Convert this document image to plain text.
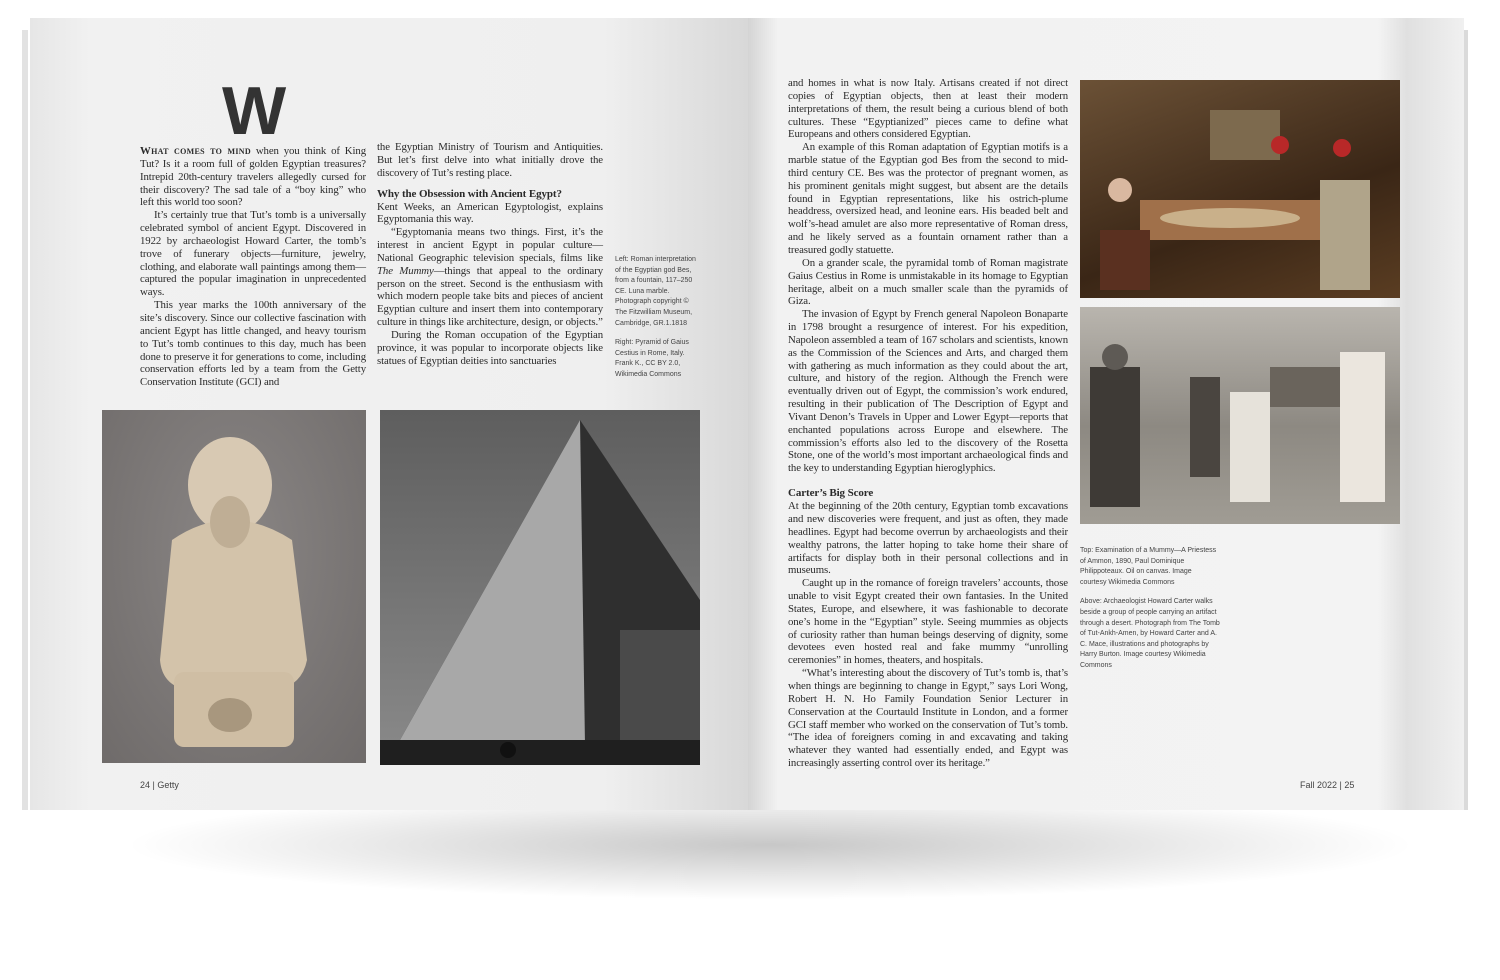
W

What comes to mind when you think of King Tut? Is it a room full of golden Egyptian treasures? Intrepid 20th-century travelers allegedly cursed for their discovery? The sad tale of a “boy king” who left this world too soon?

It’s certainly true that Tut’s tomb is a universally celebrated symbol of ancient Egypt. Discovered in 1922 by archaeologist Howard Carter, the tomb’s trove of funerary objects—furniture, jewelry, clothing, and elaborate wall paintings among them—captured the popular imagination in unprecedented ways.

This year marks the 100th anniversary of the site’s discovery. Since our collective fascination with ancient Egypt has little changed, and heavy tourism to Tut’s tomb continues to this day, much has been done to preserve it for generations to come, including conservation efforts led by a team from the Getty Conservation Institute (GCI) and

the Egyptian Ministry of Tourism and Antiquities. But let’s first delve into what initially drove the discovery of Tut’s resting place.

Why the Obsession with Ancient Egypt?

Kent Weeks, an American Egyptologist, explains Egyptomania this way.

“Egyptomania means two things. First, it’s the interest in ancient Egypt in popular culture—National Geographic television specials, films like The Mummy—things that appeal to the ordinary person on the street. Second is the enthusiasm with which modern people take bits and pieces of ancient Egyptian culture and insert them into contemporary culture in things like architecture, design, or objects.”

During the Roman occupation of the Egyptian province, it was popular to incorporate objects like statues of Egyptian deities into sanctuaries

Left: Roman interpretation of the Egyptian god Bes, from a fountain, 117–250 CE. Luna marble. Photograph copyright © The Fitzwilliam Museum, Cambridge, GR.1.1818

Right: Pyramid of Gaius Cestius in Rome, Italy. Frank K., CC BY 2.0, Wikimedia Commons

24 | Getty

and homes in what is now Italy. Artisans created if not direct copies of Egyptian objects, then at least their modern interpretations of them, the result being a curious blend of both cultures. These “Egyptianized” pieces came to define what Europeans and others considered Egyptian.

An example of this Roman adaptation of Egyptian motifs is a marble statue of the Egyptian god Bes from the second to mid-third century CE. Bes was the protector of pregnant women, as his prominent genitals might suggest, but absent are the details found in Egyptian representations, like his ostrich-plume headdress, oversized head, and leonine ears. His beaded belt and wolf’s-head amulet are also more representative of Roman dress, and he likely served as a fountain ornament rather than a treasured godly statuette.

On a grander scale, the pyramidal tomb of Roman magistrate Gaius Cestius in Rome is unmistakable in its homage to Egyptian heritage, albeit on a much smaller scale than the pyramids of Giza.

The invasion of Egypt by French general Napoleon Bonaparte in 1798 brought a resurgence of interest. For his expedition, Napoleon assembled a team of 167 scholars and scientists, known as the Commission of the Sciences and Arts, and charged them with gathering as much information as they could about the art, culture, and history of the region. Although the French were eventually driven out of Egypt, the commission’s work endured, resulting in their publication of The Description of Egypt and Vivant Denon’s Travels in Upper and Lower Egypt—reports that enchanted populations across Europe and elsewhere. The commission’s efforts also led to the discovery of the Rosetta Stone, one of the world’s most important archaeological finds and the key to understanding Egyptian hieroglyphics.

Carter’s Big Score

At the beginning of the 20th century, Egyptian tomb excavations and new discoveries were frequent, and just as often, they made headlines. Egypt had become overrun by archaeologists and their wealthy patrons, the latter hoping to take home their share of artifacts for display both in their personal collections and in museums.

Caught up in the romance of foreign travelers’ accounts, those unable to visit Egypt created their own fantasies. In the United States, Europe, and elsewhere, it was fashionable to decorate one’s home in the “Egyptian” style. Seeing mummies as objects of curiosity rather than human beings deserving of dignity, some devotees even hosted real and fake mummy “unrolling ceremonies” in homes, theaters, and hospitals.

“What’s interesting about the discovery of Tut’s tomb is, that’s when things are beginning to change in Egypt,” says Lori Wong, Robert H. N. Ho Family Foundation Senior Lecturer in Conservation at the Courtauld Institute in London, and a former GCI staff member who worked on the conservation of Tut’s tomb. “The idea of foreigners coming in and excavating and taking whatever they wanted had essentially ended, and Egypt was increasingly asserting control over its heritage.”

Top: Examination of a Mummy—A Priestess of Ammon, 1890, Paul Dominique Philippoteaux. Oil on canvas. Image courtesy Wikimedia Commons

Above: Archaeologist Howard Carter walks beside a group of people carrying an artifact through a desert. Photograph from The Tomb of Tut-Ankh-Amen, by Howard Carter and A. C. Mace, illustrations and photographs by Harry Burton. Image courtesy Wikimedia Commons

Fall 2022 | 25
